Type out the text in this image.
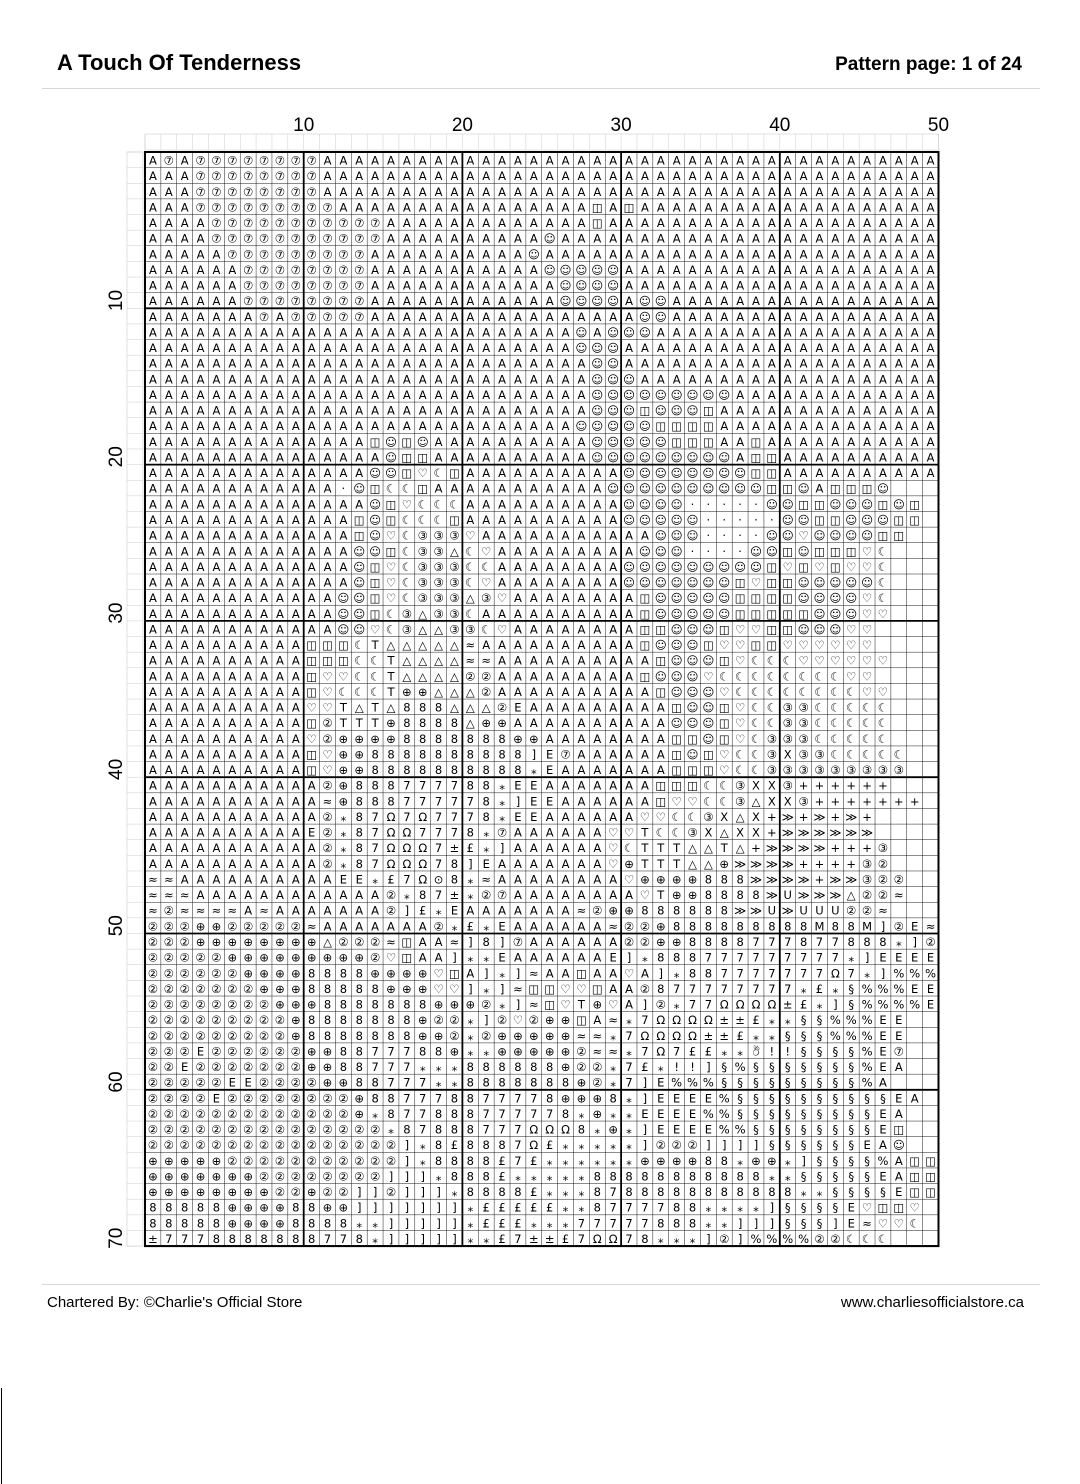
A Touch Of Tenderness	Pattern page: 1 of 24
10	20	30	40	50
10
20
30
40
50
60
70
A ⑦ A ⑦ ⑦ ⑦ ⑦ ⑦ ⑦ ⑦ ⑦ A A A A A A A A A A A A A A A A A A A A A A A A A A A A A A A A A A A A A A A
A A A ⑦ ⑦ ⑦ ⑦ ⑦ ⑦ ⑦ ⑦ A A A A A A A A A A A A A A A A A A A A A A A A A A A A A A A A A A A A A A A
A A A ⑦ ⑦ ⑦ ⑦ ⑦ ⑦ ⑦ ⑦ A A A A A A A A A A A A A A A A A A A A A A A A A A A A A A A A A A A A A A A
A A A ⑦ ⑦ ⑦ ⑦ ⑦ ⑦ ⑦ ⑦ ⑦ A A A A A A A A A A A A A A A A ◫ A ◫ A A A A A A A A A A A A A A A A A A A
A A A A ⑦ ⑦ ⑦ ⑦ ⑦ ⑦ ⑦ ⑦ ⑦ ⑦ ⑦ A A A A A A A A A A A A A ◫ A A A A A A A A A A A A A A A A A A A A A
A A A A ⑦ ⑦ ⑦ ⑦ ⑦ ⑦ ⑦ ⑦ ⑦ ⑦ ⑦ A A A A A A A A A A ☺ A A A A A A A A A A A A A A A A A A A A A A A A
A A A A A ⑦ ⑦ ⑦ ⑦ ⑦ ⑦ ⑦ ⑦ ⑦ A A A A A A A A A A ☺ A A A A A A A A A A A A A A A A A A A A A A A A A
A A A A A A ⑦ ⑦ ⑦ ⑦ ⑦ ⑦ ⑦ ⑦ A A A A A A A A A A A ☺ ☺ ☺ ☺ ☺ A A A A A A A A A A A A A A A A A A A A
A A A A A A ⑦ ⑦ ⑦ ⑦ ⑦ ⑦ ⑦ ⑦ A A A A A A A A A A A A ☺ ☺ ☺ ☺ A A A A A A A A A A A A A A A A A A A A
A A A A A A ⑦ ⑦ ⑦ ⑦ ⑦ ⑦ ⑦ ⑦ A A A A A A A A A A A A ☺ ☺ ☺ ☺ A ☺ ☺ A A A A A A A A A A A A A A A A A
A A A A A A A ⑦ A ⑦ ⑦ ⑦ ⑦ ⑦ A A A A A A A A A A A A A A A A A ☺ ☺ A A A A A A A A A A A A A A A A A
A A A A A A A A A A A A A A A A A A A A A A A A A A A ☺ A ☺ ☺ ☺ A A A A A A A A A A A A A A A A A A
A A A A A A A A A A A A A A A A A A A A A A A A A A A ☺ ☺ ☺ A A A A A A A A A A A A A A A A A A A A
A A A A A A A A A A A A A A A A A A A A A A A A A A A A ☺ ☺ A A A A A A A A A A A A A A A A A A A A
A A A A A A A A A A A A A A A A A A A A A A A A A A A A ☺ ☺ ☺ A A A A A A A A A A A A A A A A A A A
A A A A A A A A A A A A A A A A A A A A A A A A A A A A ☺ ☺ ☺ ☺ ☺ ☺ ☺ ☺ ☺ A A A A A A A A A A A A A
A A A A A A A A A A A A A A A A A A A A A A A A A A A A ☺ ☺ ☺ ◫ ☺ ☺ ☺ ◫ A A A A A A A A A A A A A A
A A A A A A A A A A A A A A A A A A A A A A A A A A A ☺ ☺ ☺ ☺ ☺ ◫ ◫ ◫ ◫ A A A A A A A A A A A A A A
A A A A A A A A A A A A A A ◫ ☺ ◫ ☺ A A A A A A A A A A ☺ ☺ ☺ ☺ ☺ ◫ ◫ ◫ A A ◫ A A A A A A A A A A A
A A A A A A A A A A A A A A A ☺ ◫ ◫ A A A A A A A A A A ☺ ☺ ☺ ☺ ☺ ☺ ☺ ☺ ☺ A ◫ ◫ A A A A A A A A A A
A A A A A A A A A A A A A A ☺ ☺ ◫ ♡ ☾ ◫ A A A A A A A A A A ☺ ☺ ☺ ☺ ☺ ☺ ☺ ☺ ◫ ◫ A A A A A A A A A A
A A A A A A A A A A A A · ☺ ◫ ☾ ☾ ◫ A A A A A A A A A A A ☺ ☺ ☺ ☺ ☺ ☺ ☺ ☺ ☺ ☺ ◫ ◫ ☺ A ◫ ◫ ◫ ☺
A A A A A A A A A A A A A A ☺ ◫ ♡ ☾ ☾ ☾ A A A A A A A A A A ☺ ☺ ☺ ☺ · · · · · ☺ ☺ ◫ ◫ ☺ ☺ ☺ ◫ ☺ ◫
A A A A A A A A A A A A A ◫ ☺ ◫ ☾ ☾ ☾ ◫ A A A A A A A A A A ☺ ☺ ☺ ☺ ☺ · · · · · ☺ ☺ ◫ ◫ ☺ ☺ ☺ ◫ ◫
A A A A A A A A A A A A A ◫ ☺ ♡ ☾ ③ ③ ③ ♡ A A A A A A A A A A A ☺ ☺ ☺ · · · · ☺ ☺ ♡ ☺ ☺ ☺ ☺ ◫ ◫
A A A A A A A A A A A A A ☺ ☺ ◫ ☾ ③ ③ △ ☾ ♡ A A A A A A A A A ☺ ☺ ☺ · · · · ☺ ☺ ◫ ☺ ◫ ◫ ◫ ♡ ☾
A A A A A A A A A A A A A ☺ ◫ ♡ ☾ ③ ③ ③ ☾ ☾ A A A A A A A A ☺ ☺ ☺ ☺ ☺ ☺ ☺ ☺ ☺ ◫ ♡ ◫ ♡ ◫ ♡ ♡ ☾
A A A A A A A A A A A A A ☺ ◫ ♡ ☾ ③ ③ ③ ☾ ♡ A A A A A A A A ☺ ☺ ☺ ☺ ☺ ☺ ☺ ◫ ♡ ◫ ◫ ☺ ☺ ☺ ☺ ☺ ☾
A A A A A A A A A A A A ☺ ☺ ◫ ♡ ☾ ③ ③ ③ △ ③ ♡ A A A A A A A A ◫ ☺ ☺ ☺ ☺ ☺ ◫ ◫ ◫ ◫ ☺ ☺ ☺ ☺ ♡ ☾
A A A A A A A A A A A A ☺ ☺ ◫ ☾ ③ △ ③ ③ ☾ A A A A A A A A A A ◫ ☺ ☺ ☺ ☺ ☺ ◫ ◫ ◫ ◫ ◫ ☺ ☺ ☺ ♡ ♡
A A A A A A A A A A A A ☺ ☺ ♡ ☾ ③ △ △ ③ ③ ☾ ♡ A A A A A A A A ◫ ◫ ☺ ☺ ☺ ◫ ♡ ♡ ◫ ◫ ☺ ☺ ☺ ♡ ♡
A A A A A A A A A A ◫ ◫ ◫ ☾ T △ △ △ △ △ ≈ A A A A A A A A A A ◫ ☺ ☺ ☺ ◫ ♡ ♡ ◫ ◫ ♡ ♡ ♡ ♡ ♡ ♡
A A A A A A A A A A ◫ ◫ ◫ ☾ ☾ T △ △ △ △ ≈ ≈ A A A A A A A A A A ◫ ☺ ☺ ☺ ◫ ♡ ☾ ☾ ☾ ♡ ♡ ♡ ♡ ♡ ♡
A A A A A A A A A A ◫ ♡ ♡ ☾ ☾ T △ △ △ △ ② ② A A A A A A A A A ◫ ☺ ☺ ☺ ♡ ☾ ☾ ☾ ☾ ☾ ☾ ☾ ☾ ♡ ♡
A A A A A A A A A A ◫ ♡ ☾ ☾ ☾ T ⊕ ⊕ △ △ △ ② A A A A A A A A A A ◫ ☺ ☺ ☺ ♡ ☾ ☾ ☾ ☾ ☾ ☾ ☾ ☾ ♡ ♡
A A A A A A A A A A ♡ ♡ T △ T △ 8 8 8 △ △ △ ② E A A A A A A A A A ◫ ☺ ☺ ◫ ♡ ☾ ☾ ③ ③ ☾ ☾ ☾ ☾ ☾
A A A A A A A A A A ◫ ② T T T ⊕ 8 8 8 8 △ ⊕ ⊕ A A A A A A A A A A ☺ ☺ ☺ ◫ ♡ ☾ ☾ ③ ③ ☾ ☾ ☾ ☾ ☾
A A A A A A A A A A ♡ ② ⊕ ⊕ ⊕ ⊕ 8 8 8 8 8 8 8 ⊕ ⊕ A A A A A A A A ◫ ◫ ☺ ◫ ♡ ☾ ③ ③ ③ ☾ ☾ ☾ ☾ ☾
A A A A A A A A A A ◫ ♡ ⊕ ⊕ 8 8 8 8 8 8 8 8 8 8 ] E ⑦ A A A A A A ◫ ☺ ◫ ♡ ☾ ☾ ③ X ③ ③ ☾ ☾ ☾ ☾ ☾
A A A A A A A A A A ◫ ♡ ⊕ ⊕ 8 8 8 8 8 8 8 8 8 8 ⁎ E A A A A A A A ◫ ◫ ◫ ♡ ☾ ☾ ③ ③ ③ ③ ③ ③ ③ ③ ③
A A A A A A A A A A A ② ⊕ 8 8 8 7 7 7 7 8 8 ⁎ E E A A A A A A A ◫ ◫ ◫ ☾ ☾ ③ X X ③ + + + + + +
A A A A A A A A A A A ≈ ⊕ 8 8 8 7 7 7 7 7 8 ⁎ ] E E A A A A A A ◫ ♡ ♡ ☾ ☾ ③ △ X X ③ + + + + + + +
A A A A A A A A A A A ② ⁎ 8 7 Ω 7 Ω 7 7 7 8 ⁎ E E A A A A A A ♡ ♡ ☾ ☾ ③ X △ X + ≫ + ≫ + ≫ +
A A A A A A A A A A E ② ⁎ 8 7 Ω Ω 7 7 7 8 ⁎ ⑦ A A A A A A ♡ ♡ T ☾ ☾ ③ X △ X X + ≫ ≫ ≫ ≫ ≫ ≫
A A A A A A A A A A A ② ⁎ 8 7 Ω Ω Ω 7 ± £ ⁎ ] A A A A A A ♡ ☾ T T T △ △ T △ + ≫ ≫ ≫ ≫ + + + ③
A A A A A A A A A A A ② ⁎ 8 7 Ω Ω Ω 7 8 ] E A A A A A A A ♡ ⊕ T T T △ △ ⊕ ≫ ≫ ≫ ≫ + + + + ③ ②
≈ ≈ A A A A A A A A A A E E ⁎ £ 7 Ω ⊙ 8 ⁎ ≈ A A A A A A A A ♡ ⊕ ⊕ ⊕ ⊕ 8 8 8 ≫ ≫ ≫ ≫ + ≫ ≫ ③ ② ②
≈ ≈ ≈ A A A A A A A A A A A A ② ⁎ 8 7 ± ⁎ ② ⑦ A A A A A A A A ♡ T ⊕ ⊕ 8 8 8 8 ≫ U ≫ ≫ ≫ △ ② ② ≈
≈ ② ≈ ≈ ≈ ≈ A ≈ A A A A A A A ② ] £ ⁎ E A A A A A A A ≈ ② ⊕ ⊕ 8 8 8 8 8 8 ≫ ≫ U ≫ U U U ② ② ≈
② ② ② ⊕ ⊕ ② ② ② ② ② ≈ A A A A A A A ② ⁎ £ ⁎ E A A A A A A ≈ ② ② ⊕ 8 8 8 8 8 8 8 8 8 M 8 8 M ] ② E ≈
② ② ② ⊕ ⊕ ⊕ ⊕ ⊕ ⊕ ⊕ ⊕ △ ② ② ② ≈ ◫ A A ≈ ] 8 ] ⑦ A A A A A A ② ② ⊕ ⊕ 8 8 8 8 7 7 7 8 7 7 8 8 8 ⁎ ] ②
② ② ② ② ② ⊕ ⊕ ⊕ ⊕ ⊕ ⊕ ⊕ ⊕ ⊕ ② ♡ ◫ A A ] ⁎ ⁎ E A A A A A A E ] ⁎ 8 8 8 7 7 7 7 7 7 7 7 7 ⁎ ] E E E E
② ② ② ② ② ② ⊕ ⊕ ⊕ ⊕ 8 8 8 8 ⊕ ⊕ ⊕ ⊕ ♡ ◫ A ] ⁎ ] ≈ A A ◫ A A ♡ A ] ⁎ 8 8 7 7 7 7 7 7 7 Ω 7 ⁎ ] % % %
② ② ② ② ② ② ② ⊕ ⊕ ⊕ 8 8 8 8 8 ⊕ ⊕ ⊕ ♡ ♡ ] ⁎ ] ≈ ◫ ◫ ♡ ♡ ◫ A A ② 8 7 7 7 7 7 7 7 7 ⁎ £ ⁎ § % % % E E
② ② ② ② ② ② ② ② ⊕ ⊕ ⊕ 8 8 8 8 8 8 8 ⊕ ⊕ ⊕ ② ⁎ ] ≈ ◫ ♡ T ⊕ ♡ A ] ② ⁎ 7 7 Ω Ω Ω Ω ± £ ⁎ ] § % % % % E
② ② ② ② ② ② ② ② ② ⊕ 8 8 8 8 8 8 8 ⊕ ② ② ⁎ ] ② ♡ ② ⊕ ⊕ ◫ A ≈ ⁎ 7 Ω Ω Ω Ω ± ± £ ⁎ ⁎ § § % % % E E
② ② ② ② ② ② ② ② ② ⊕ 8 8 8 8 8 8 8 ⊕ ⊕ ② ⁎ ② ⊕ ⊕ ⊕ ⊕ ⊕ ≈ ≈ ⁎ 7 Ω Ω Ω Ω ± ± £ ⁎ ⁎ § § § % % % E E
② ② ② E ② ② ② ② ② ② ⊕ ⊕ 8 8 7 7 7 8 8 ⊕ ⁎ ⁎ ⊕ ⊕ ⊕ ⊕ ⊕ ② ≈ ≈ ⁎ 7 Ω 7 £ £ ⁎ ⁎ ඊ ! ! § § § § % E ⑦
② ② E ② ② ② ② ② ② ② ⊕ ⊕ 8 8 7 7 7 ⁎ ⁎ ⁎ 8 8 8 8 8 8 ⊕ ② ② ⁎ 7 £ ⁎ ! ! ] § % § § § § § § § % E A
② ② ② ② ② E E ② ② ② ② ⊕ ⊕ 8 8 7 7 7 ⁎ ⁎ 8 8 8 8 8 8 8 ⊕ ② ⁎ 7 ] E % % % § § § § § § § § § % A
② ② ② ② E ② ② ② ② ② ② ② ② ⊕ 8 8 7 7 7 8 8 7 7 7 7 8 ⊕ ⊕ ⊕ 8 ⁎ ] E E E E % § § § § § § § § § § E A
② ② ② ② ② ② ② ② ② ② ② ② ② ⊕ ⁎ 8 7 7 8 8 8 7 7 7 7 7 8 ⁎ ⊕ ⁎ ⁎ E E E E % % § § § § § § § § § E A
② ② ② ② ② ② ② ② ② ② ② ② ② ② ② ⁎ 8 7 8 8 8 7 7 7 Ω Ω Ω 8 ⁎ ⊕ ⁎ ] E E E E % % § § § § § § § § E ◫
② ② ② ② ② ② ② ② ② ② ② ② ② ② ② ② ] ⁎ 8 £ 8 8 8 7 Ω £ ⁎ ⁎ ⁎ ⁎ ⁎ ] ② ② ② ] ] ] ] § § § § § § E A ☺
⊕ ⊕ ⊕ ⊕ ⊕ ② ② ② ② ② ② ② ② ② ② ② ] ⁎ 8 8 8 8 £ 7 £ ⁎ ⁎ ⁎ ⁎ ⁎ ⁎ ⊕ ⊕ ⊕ ⊕ 8 8 ⁎ ⊕ ⊕ ⁎ ] § § § § % A ◫ ◫
⊕ ⊕ ⊕ ⊕ ⊕ ⊕ ⊕ ② ② ② ② ② ② ② ② ] ] ] ⁎ 8 8 8 £ ⁎ ⁎ ⁎ ⁎ ⁎ 8 8 8 8 8 8 8 8 8 8 8 ⁎ ⁎ § § § § § E A ◫ ◫
⊕ ⊕ ⊕ ⊕ ⊕ ⊕ ⊕ ⊕ ② ② ⊕ ② ② ] ] ② ] ] ] ⁎ 8 8 8 8 £ ⁎ ⁎ ⁎ 8 7 8 8 8 8 8 8 8 8 8 8 8 ⁎ ⁎ § § § § E ◫ ◫
8 8 8 8 8 ⊕ ⊕ ⊕ ⊕ 8 8 ⊕ ⊕ ] ] ] ] ] ] ] ⁎ £ £ £ £ £ ⁎ ⁎ 8 7 7 7 7 8 8 ⁎ ⁎ ⁎ ⁎ ] § § § § E ♡ ◫ ◫ ♡
8 8 8 8 8 ⊕ ⊕ ⊕ ⊕ 8 8 8 8 ⁎ ⁎ ] ] ] ] ] ⁎ £ £ £ ⁎ ⁎ ⁎ 7 7 7 7 7 8 8 8 ⁎ ⁎ ] ] ] § § § ] E ≈ ♡ ♡ ☾
± 7 7 7 8 8 8 8 8 8 8 7 7 8 ⁎ ] ] ] ] ] ⁎ ⁎ £ 7 ± ± £ 7 Ω Ω 7 8 ⁎ ⁎ ⁎ ] ② ] % % % % ② ② ☾ ☾ ☾
Chartered By: ©Charlie's Official Store	www.charliesofficialstore.ca
